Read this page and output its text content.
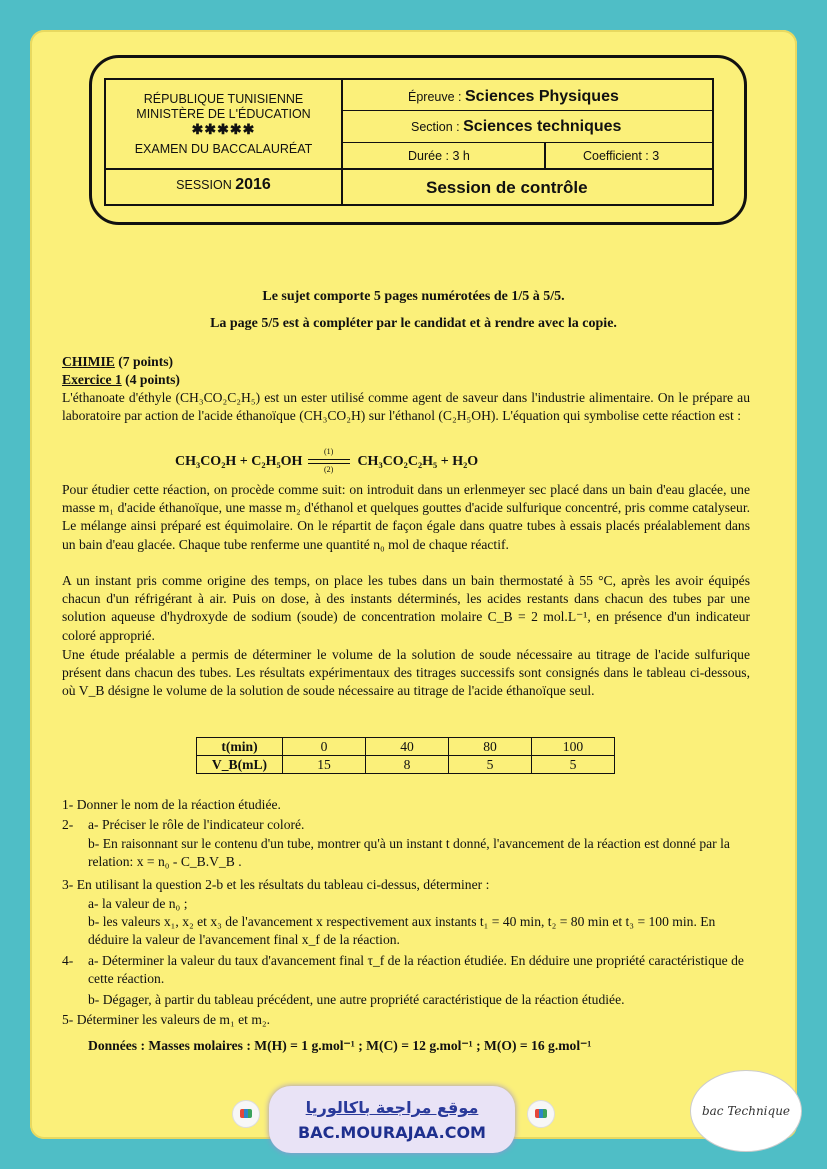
RÉPUBLIQUE TUNISIENNE
MINISTÈRE DE L'ÉDUCATION
✱✱✱✱✱
EXAMEN DU BACCALAURÉAT
SESSION 2016
Épreuve : Sciences Physiques
Section : Sciences techniques
Durée : 3 h	Coefficient : 3
Session de contrôle
Le sujet comporte 5 pages numérotées de 1/5 à 5/5.
La page 5/5 est à compléter par le candidat et à rendre avec la copie.
CHIMIE (7 points)
Exercice 1 (4 points)

L'éthanoate d'éthyle (CH₃CO₂C₂H₅) est un ester utilisé comme agent de saveur dans l'industrie alimentaire. On le prépare au laboratoire par action de l'acide éthanoïque (CH₃CO₂H) sur l'éthanol (C₂H₅OH). L'équation qui symbolise cette réaction est :

$CH_3CO_2H + C_2H_5OH \frac{(1)}{(2)} CH_3CO_2C_2H_5 + H_2O$

Pour étudier cette réaction, on procède comme suit: on introduit dans un erlenmeyer sec placé dans un bain d'eau glacée, une masse m₁ d'acide éthanoïque, une masse m₂ d'éthanol et quelques gouttes d'acide sulfurique concentré, pris comme catalyseur. Le mélange ainsi préparé est équimolaire. On le répartit de façon égale dans quatre tubes à essais placés préalablement dans un bain d'eau glacée. Chaque tube renferme une quantité n₀ mol de chaque réactif.

A un instant pris comme origine des temps, on place les tubes dans un bain thermostaté à 55 °C, après les avoir équipés chacun d'un réfrigérant à air. Puis on dose, à des instants déterminés, les acides restants dans chacun des tubes par une solution aqueuse d'hydroxyde de sodium (soude) de concentration molaire C_B = 2 mol.L⁻¹, en présence d'un indicateur coloré approprié.

Une étude préalable a permis de déterminer le volume de la solution de soude nécessaire au titrage de l'acide sulfurique présent dans chacun des tubes. Les résultats expérimentaux des titrages successifs sont consignés dans le tableau ci-dessous, où V_B désigne le volume de la solution de soude nécessaire au titrage de l'acide éthanoïque seul.

t(min)	0	40	80	100
V_B(mL)	15	8	5	5
1- Donner le nom de la réaction étudiée.
2- a- Préciser le rôle de l'indicateur coloré.
b- En raisonnant sur le contenu d'un tube, montrer qu'à un instant t donné, l'avancement de la réaction est donné par la relation: x = n₀ - C_B.V_B .
3- En utilisant la question 2-b et les résultats du tableau ci-dessus, déterminer :
a- la valeur de n₀ ;
b- les valeurs x₁, x₂ et x₃ de l'avancement x respectivement aux instants t₁ = 40 min, t₂ = 80 min et t₃ = 100 min. En déduire la valeur de l'avancement final x_f de la réaction.
4- a- Déterminer la valeur du taux d'avancement final τ_f de la réaction étudiée. En déduire une propriété caractéristique de cette réaction.
b- Dégager, à partir du tableau précédent, une autre propriété caractéristique de la réaction étudiée.
5- Déterminer les valeurs de m₁ et m₂.
Données : Masses molaires : M(H) = 1 g.mol⁻¹ ; M(C) = 12 g.mol⁻¹ ; M(O) = 16 g.mol⁻¹
موقع مراجعة باكالوريا
BAC.MOURAJAA.COM
bac Technique
